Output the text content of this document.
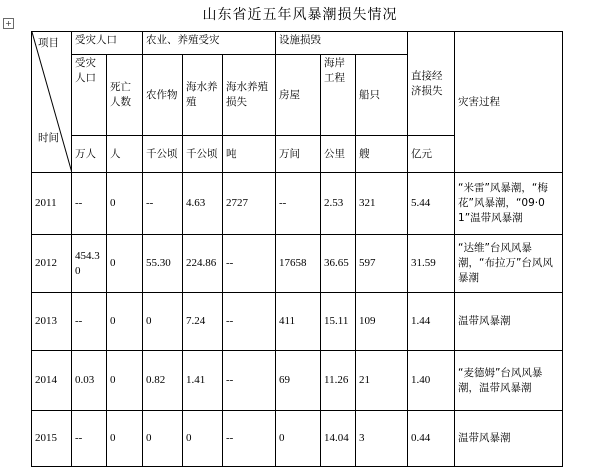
山东省近五年风暴潮损失情况
+
项目
时间	受灾人口		农业、养殖受灾			设施损毁			直接经济损失	灾害过程
	受灾人口	死亡人数	农作物	海水养殖	海水养殖损失	房屋	海岸工程	船只		
	万人	人	千公顷	千公顷	吨	万间	公里	艘	亿元	
2011	--	0	--	4.63	2727	--	2.53	321	5.44	“米雷”风暴潮，“梅花”风暴潮，“09·01”温带风暴潮
2012	454.30	0	55.30	224.86	--	17658	36.65	597	31.59	“达维”台风风暴潮，“布拉万”台风风暴潮
2013	--	0	0	7.24	--	411	15.11	109	1.44	温带风暴潮
2014	0.03	0	0.82	1.41	--	69	11.26	21	1.40	“麦德姆”台风风暴潮，温带风暴潮
2015	--	0	0	0	--	0	14.04	3	0.44	温带风暴潮
